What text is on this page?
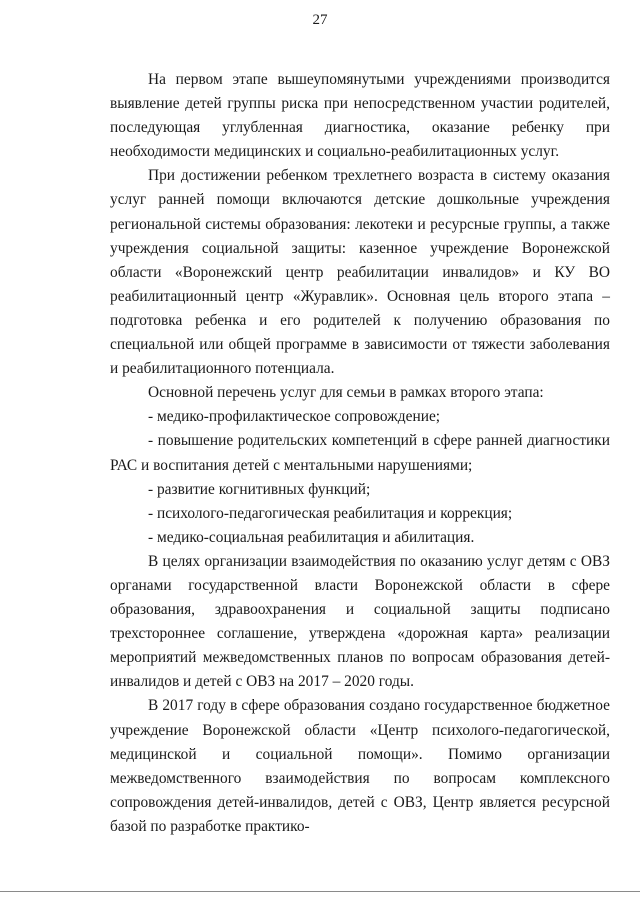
27

На первом этапе вышеупомянутыми учреждениями производится выявление детей группы риска при непосредственном участии родителей, последующая углубленная диагностика, оказание ребенку при необходимости медицинских и социально-реабилитационных услуг.

При достижении ребенком трехлетнего возраста в систему оказания услуг ранней помощи включаются детские дошкольные учреждения региональной системы образования: лекотеки и ресурсные группы, а также учреждения социальной защиты: казенное учреждение Воронежской области «Воронежский центр реабилитации инвалидов» и КУ ВО реабилитационный центр «Журавлик». Основная цель второго этапа – подготовка ребенка и его родителей к получению образования по специальной или общей программе в зависимости от тяжести заболевания и реабилитационного потенциала.

Основной перечень услуг для семьи в рамках второго этапа:

- медико-профилактическое сопровождение;

- повышение родительских компетенций в сфере ранней диагностики РАС и воспитания детей с ментальными нарушениями;

- развитие когнитивных функций;

- психолого-педагогическая реабилитация и коррекция;

- медико-социальная реабилитация и абилитация.

В целях организации взаимодействия по оказанию услуг детям с ОВЗ органами государственной власти Воронежской области в сфере образования, здравоохранения и социальной защиты подписано трехстороннее соглашение, утверждена «дорожная карта» реализации мероприятий межведомственных планов по вопросам образования детей-инвалидов и детей с ОВЗ на 2017 – 2020 годы.

В 2017 году в сфере образования создано государственное бюджетное учреждение Воронежской области «Центр психолого-педагогической, медицинской и социальной помощи». Помимо организации межведомственного взаимодействия по вопросам комплексного сопровождения детей-инвалидов, детей с ОВЗ, Центр является ресурсной базой по разработке практико-
